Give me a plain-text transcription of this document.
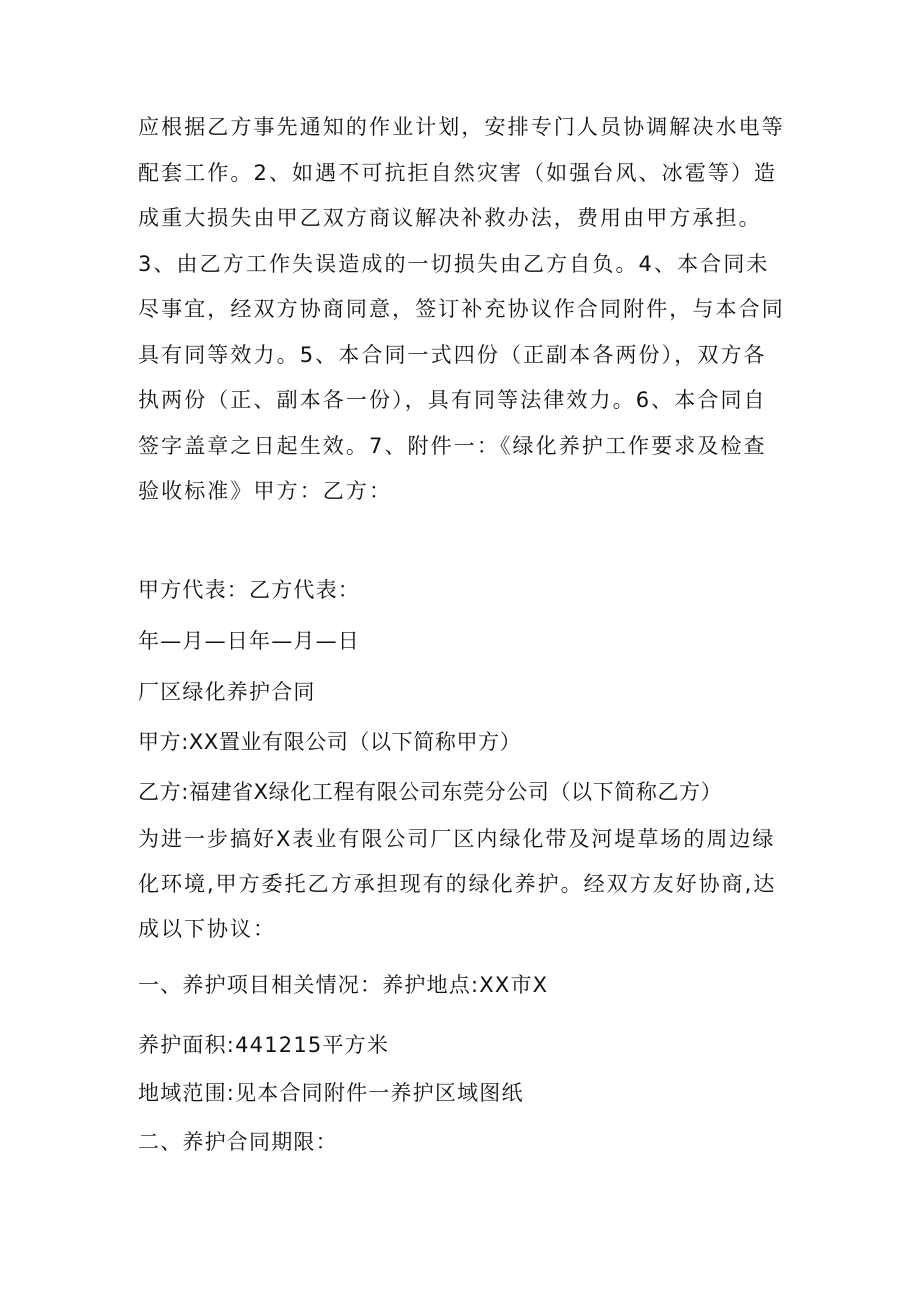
应根据乙方事先通知的作业计划，安排专门人员协调解决水电等配套工作。2、如遇不可抗拒自然灾害（如强台风、冰雹等）造成重大损失由甲乙双方商议解决补救办法，费用由甲方承担。3、由乙方工作失误造成的一切损失由乙方自负。4、本合同未尽事宜，经双方协商同意，签订补充协议作合同附件，与本合同具有同等效力。5、本合同一式四份（正副本各两份），双方各执两份（正、副本各一份），具有同等法律效力。6、本合同自签字盖章之日起生效。7、附件一：《绿化养护工作要求及检查验收标准》甲方：乙方：

甲方代表：乙方代表：

年—月—日年—月—日

厂区绿化养护合同

甲方:XX置业有限公司（以下简称甲方）

乙方:福建省X绿化工程有限公司东莞分公司（以下简称乙方）

为进一步搞好X表业有限公司厂区内绿化带及河堤草场的周边绿化环境,甲方委托乙方承担现有的绿化养护。经双方友好协商,达成以下协议：

一、养护项目相关情况：养护地点:XX市X

养护面积:441215平方米

地域范围:见本合同附件一养护区域图纸

二、养护合同期限：
